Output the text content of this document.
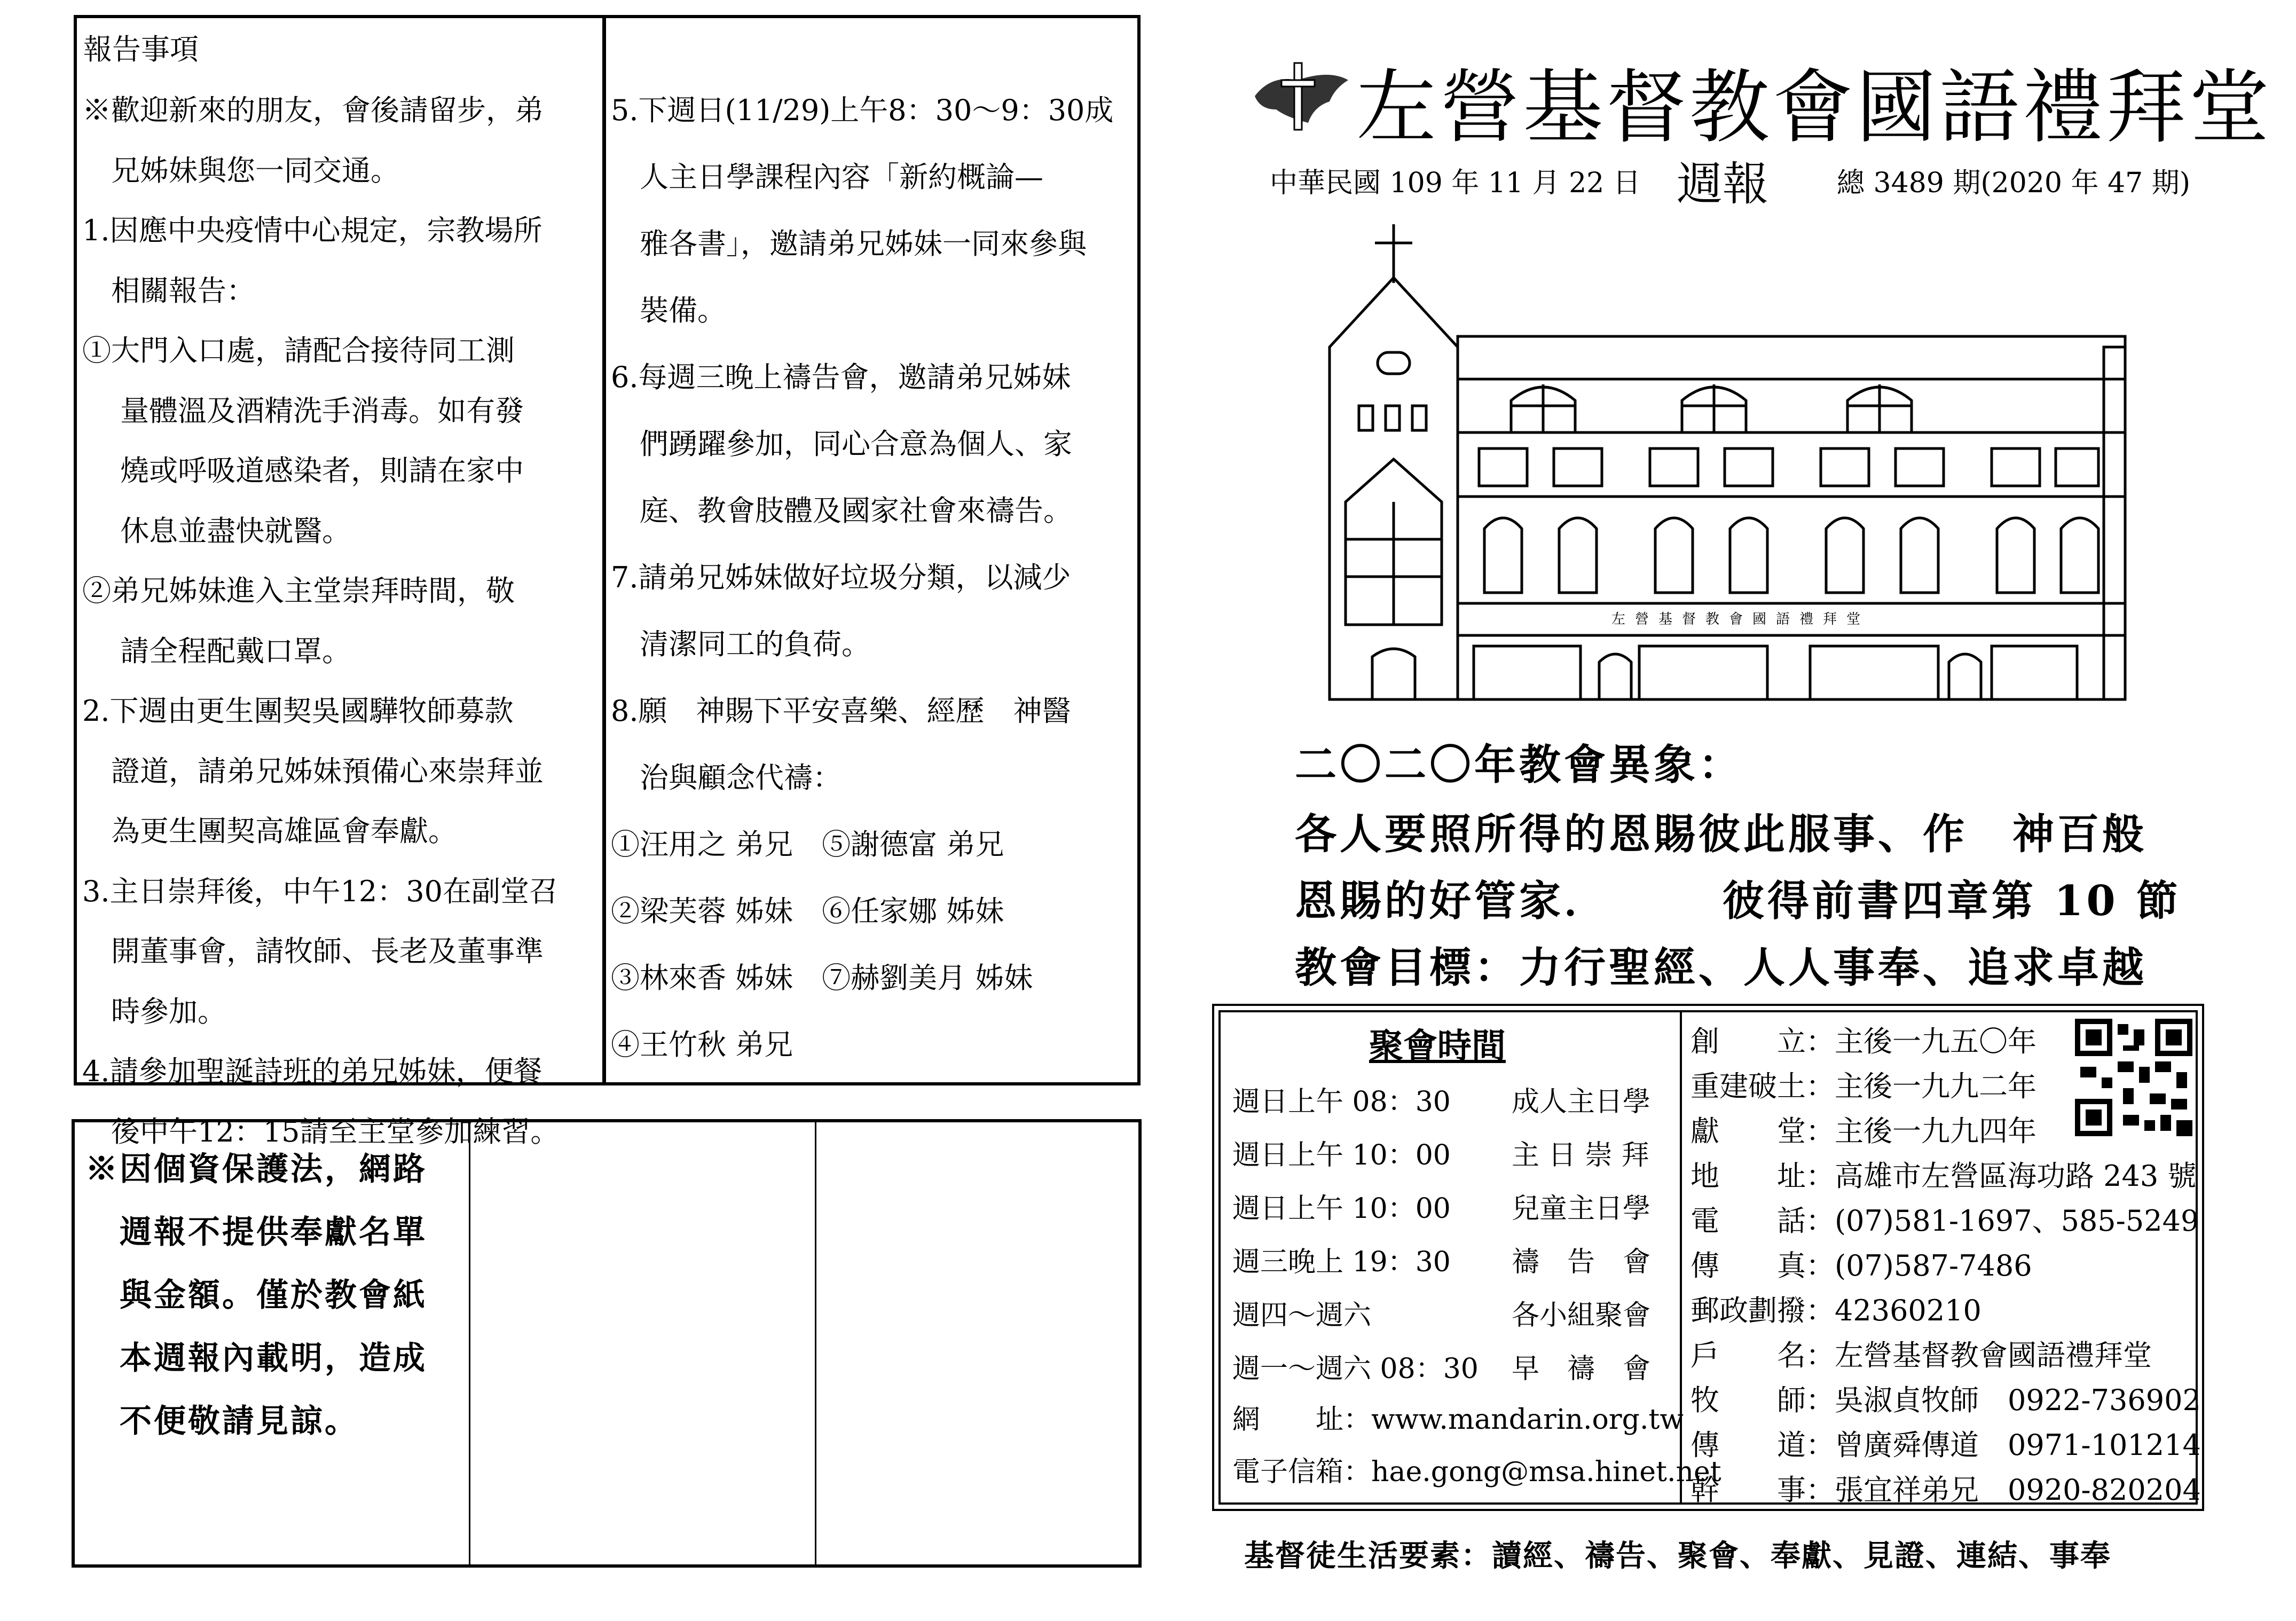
報告事項
※歡迎新來的朋友，會後請留步，弟
　兄姊妹與您一同交通。
1.因應中央疫情中心規定，宗教場所
　相關報告：
①大門入口處，請配合接待同工測
　 量體溫及酒精洗手消毒。如有發
　 燒或呼吸道感染者，則請在家中
　 休息並盡快就醫。
②弟兄姊妹進入主堂崇拜時間，敬
　 請全程配戴口罩。
2.下週由更生團契吳國驊牧師募款
　證道，請弟兄姊妹預備心來崇拜並
　為更生團契高雄區會奉獻。
3.主日崇拜後，中午12：30在副堂召
　開董事會，請牧師、長老及董事準
　時參加。
4.請參加聖誕詩班的弟兄姊妹，便餐
　後中午12：15請至主堂參加練習。
5.下週日(11/29)上午8：30～9：30成
　人主日學課程內容「新約概論—
　雅各書」，邀請弟兄姊妹一同來參與
　裝備。
6.每週三晚上禱告會，邀請弟兄姊妹
　們踴躍參加，同心合意為個人、家
　庭、教會肢體及國家社會來禱告。
7.請弟兄姊妹做好垃圾分類，以減少
　清潔同工的負荷。
8.願　神賜下平安喜樂、經歷　神醫
　治與顧念代禱：
①汪用之 弟兄　⑤謝德富 弟兄
②梁芙蓉 姊妹　⑥任家娜 姊妹
③林來香 姊妹　⑦赫劉美月 姊妹
④王竹秋 弟兄
※因個資保護法，網路
　週報不提供奉獻名單
　與金額。僅於教會紙
　本週報內載明，造成
　不便敬請見諒。
左營基督教會國語禮拜堂
中華民國 109 年 11 月 22 日 週報 總 3489 期(2020 年 47 期)
左營基督教會國語禮拜堂
二〇二〇年教會異象：
各人要照所得的恩賜彼此服事、作　神百般
恩賜的好管家．　　　彼得前書四章第 10 節
教會目標：力行聖經、人人事奉、追求卓越
聚會時間
週日上午 08：30 成人主日學
週日上午 10：00 主 日 崇 拜
週日上午 10：00 兒童主日學
週三晚上 19：30 禱　告　會
週四～週六	各小組聚會
週一～週六 08：30 早　禱　會
網　　址：www.mandarin.org.tw
電子信箱：hae.gong@msa.hinet.net
創　　立：主後一九五〇年
重建破土：主後一九九二年
獻　　堂：主後一九九四年
地　　址：高雄市左營區海功路 243 號
電　　話：(07)581-1697、585-5249
傳　　真：(07)587-7486
郵政劃撥：42360210
戶　　名：左營基督教會國語禮拜堂
牧　　師：吳淑貞牧師　0922-736902
傳　　道：曾廣舜傳道　0971-101214
幹　　事：張宜祥弟兄　0920-820204
基督徒生活要素：讀經、禱告、聚會、奉獻、見證、連結、事奉
